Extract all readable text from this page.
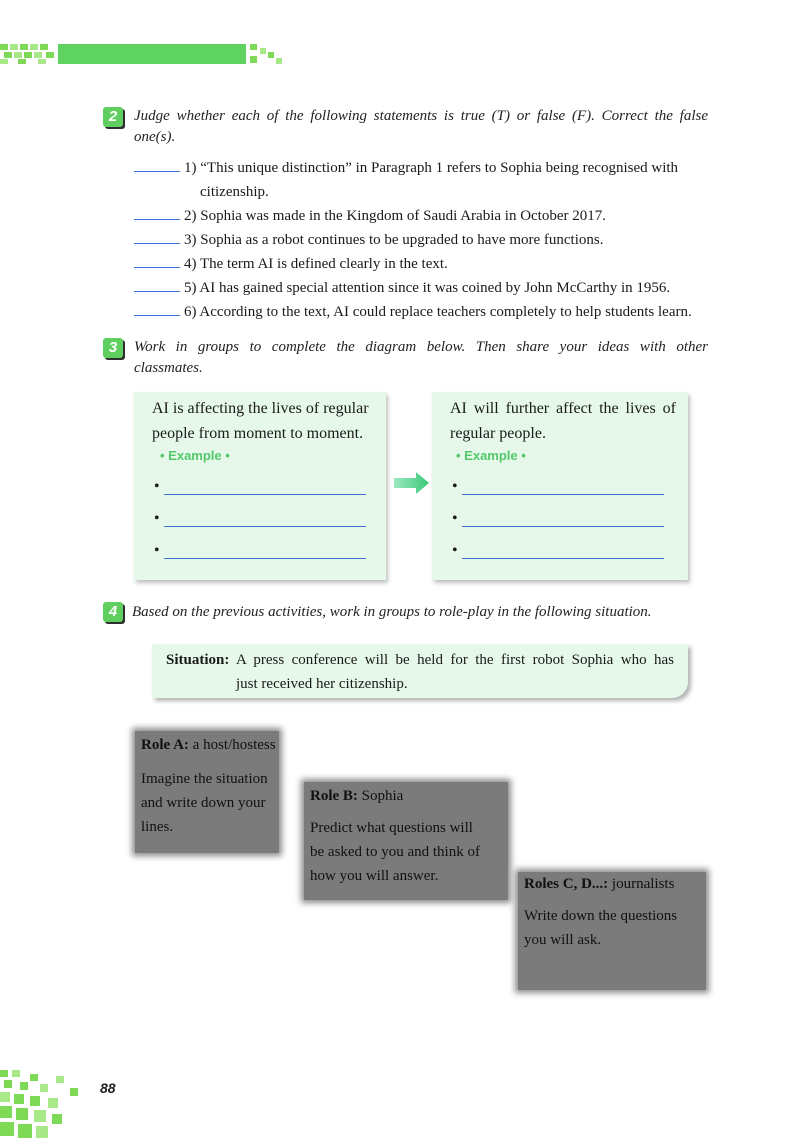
2	Judge whether each of the following statements is true (T) or false (F). Correct the false
one(s).
1) “This unique distinction” in Paragraph 1 refers to Sophia being recognised with
citizenship.
2) Sophia was made in the Kingdom of Saudi Arabia in October 2017.
3) Sophia as a robot continues to be upgraded to have more functions.
4) The term AI is defined clearly in the text.
5) AI has gained special attention since it was coined by John McCarthy in 1956.
6) According to the text, AI could replace teachers completely to help students learn.
3	Work in groups to complete the diagram below. Then share your ideas with other
classmates.
AI is affecting the lives of regular
people from moment to moment.
• Example •
•
•
•
AI will further affect the lives of
regular people.
• Example •
•
•
•
4 Based on the previous activities, work in groups to role-play in the following situation.
Situation: A press conference will be held for the first robot Sophia who has
just received her citizenship.
Role A: a host/hostess
Imagine the situation
and write down your
lines.
Role B: Sophia
Predict what questions will
be asked to you and think of
how you will answer.	Roles C, D...: journalists
Write down the questions
you will ask.
88
